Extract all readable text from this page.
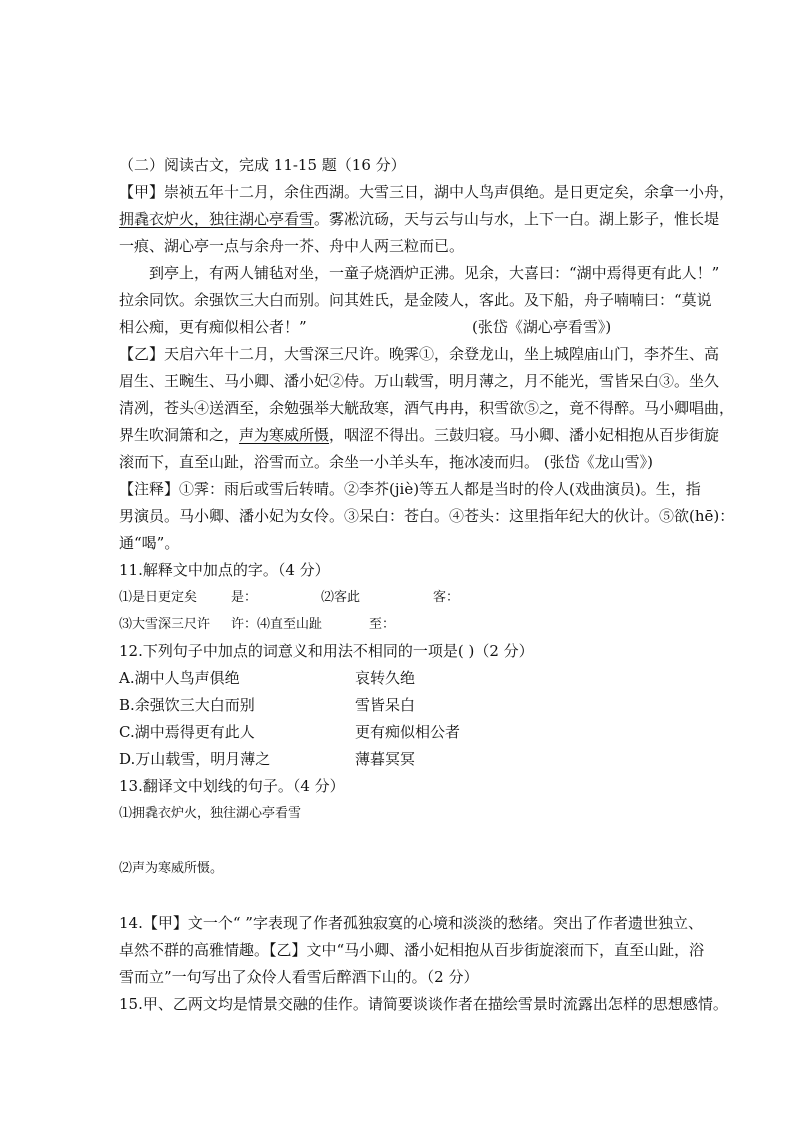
（二）阅读古文，完成 11-15 题（16 分）
【甲】崇祯五年十二月，余住西湖。大雪三日，湖中人鸟声俱绝。是日更定矣，余拿一小舟，
拥毳衣炉火，独往湖心亭看雪。雾凇沆砀，天与云与山与水，上下一白。湖上影子，惟长堤
一痕、湖心亭一点与余舟一芥、舟中人两三粒而已。
到亭上，有两人铺毡对坐，一童子烧酒炉正沸。见余，大喜曰：“湖中焉得更有此人！”
拉余同饮。余强饮三大白而别。问其姓氏，是金陵人，客此。及下船，舟子喃喃曰：“莫说
相公痴，更有痴似相公者！”	(张岱《湖心亭看雪》)
【乙】天启六年十二月，大雪深三尺许。晚霁①，余登龙山，坐上城隍庙山门，李芥生、高
眉生、王畹生、马小卿、潘小妃②侍。万山载雪，明月薄之，月不能光，雪皆呆白③。坐久
清冽，苍头④送酒至，余勉强举大觥敌寒，酒气冉冉，积雪欲⑤之，竟不得醉。马小卿唱曲，
界生吹洞箫和之，声为寒威所慑，咽涩不得出。三鼓归寝。马小卿、潘小妃相抱从百步街旋
滚而下，直至山趾，浴雪而立。余坐一小羊头车，拖冰凌而归。 (张岱《龙山雪》)
【注释】①霁：雨后或雪后转晴。②李芥(jiè)等五人都是当时的伶人(戏曲演员)。生，指
男演员。马小卿、潘小妃为女伶。③呆白：苍白。④苍头：这里指年纪大的伙计。⑤欲(hē)：
通“喝”。
11.解释文中加点的字。（4 分）
⑴是日更定矣	是：	⑵客此	客：
⑶大雪深三尺许 许：⑷直至山趾	至：
12.下列句子中加点的词意义和用法不相同的一项是( )（2 分）
A.湖中人鸟声俱绝	哀转久绝
B.余强饮三大白而别	雪皆呆白
C.湖中焉得更有此人	更有痴似相公者
D.万山载雪，明月薄之	薄暮冥冥
13.翻译文中划线的句子。（4 分）
⑴拥毳衣炉火，独往湖心亭看雪
⑵声为寒威所慑。
14.【甲】文一个“ ”字表现了作者孤独寂寞的心境和淡淡的愁绪。突出了作者遗世独立、
卓然不群的高雅情趣。【乙】文中“马小卿、潘小妃相抱从百步街旋滚而下，直至山趾，浴
雪而立”一句写出了众伶人看雪后醉酒下山的。（2 分）
15.甲、乙两文均是情景交融的佳作。请简要谈谈作者在描绘雪景时流露出怎样的思想感情。
